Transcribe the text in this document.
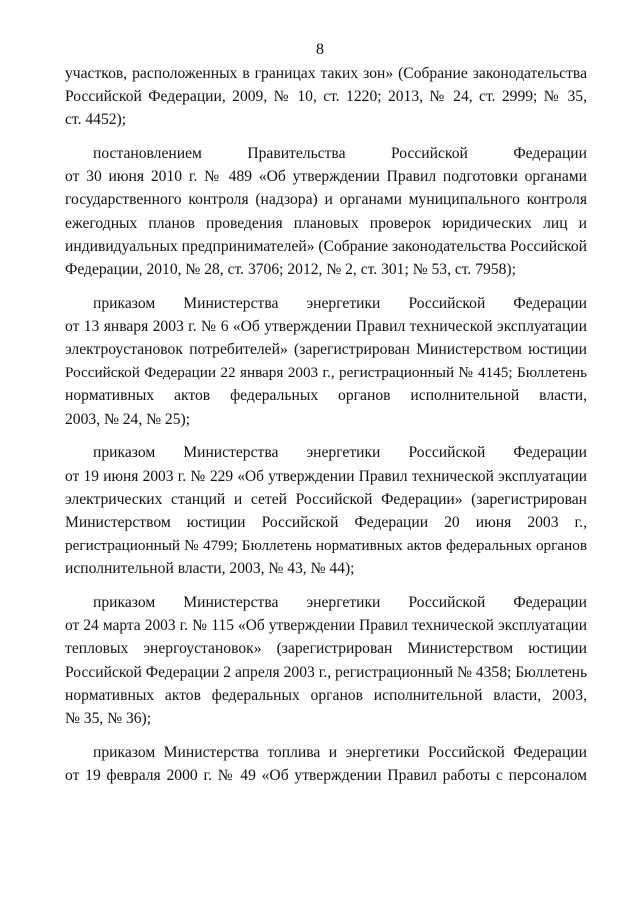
8
участков, расположенных в границах таких зон» (Собрание законодательства
Российской Федерации, 2009, № 10, ст. 1220; 2013, № 24, ст. 2999; № 35,
ст. 4452);
постановлением Правительства Российской Федерации
от 30 июня 2010 г. № 489 «Об утверждении Правил подготовки органами
государственного контроля (надзора) и органами муниципального контроля
ежегодных планов проведения плановых проверок юридических лиц и
индивидуальных предпринимателей» (Собрание законодательства Российской
Федерации, 2010, № 28, ст. 3706; 2012, № 2, ст. 301; № 53, ст. 7958);
приказом Министерства энергетики Российской Федерации
от 13 января 2003 г. № 6 «Об утверждении Правил технической эксплуатации
электроустановок потребителей» (зарегистрирован Министерством юстиции
Российской Федерации 22 января 2003 г., регистрационный № 4145; Бюллетень
нормативных актов федеральных органов исполнительной власти,
2003, № 24, № 25);
приказом Министерства энергетики Российской Федерации
от 19 июня 2003 г. № 229 «Об утверждении Правил технической эксплуатации
электрических станций и сетей Российской Федерации» (зарегистрирован
Министерством юстиции Российской Федерации 20 июня 2003 г.,
регистрационный № 4799; Бюллетень нормативных актов федеральных органов
исполнительной власти, 2003, № 43, № 44);
приказом Министерства энергетики Российской Федерации
от 24 марта 2003 г. № 115 «Об утверждении Правил технической эксплуатации
тепловых энергоустановок» (зарегистрирован Министерством юстиции
Российской Федерации 2 апреля 2003 г., регистрационный № 4358; Бюллетень
нормативных актов федеральных органов исполнительной власти, 2003,
№ 35, № 36);
приказом Министерства топлива и энергетики Российской Федерации
от 19 февраля 2000 г. № 49 «Об утверждении Правил работы с персоналом
